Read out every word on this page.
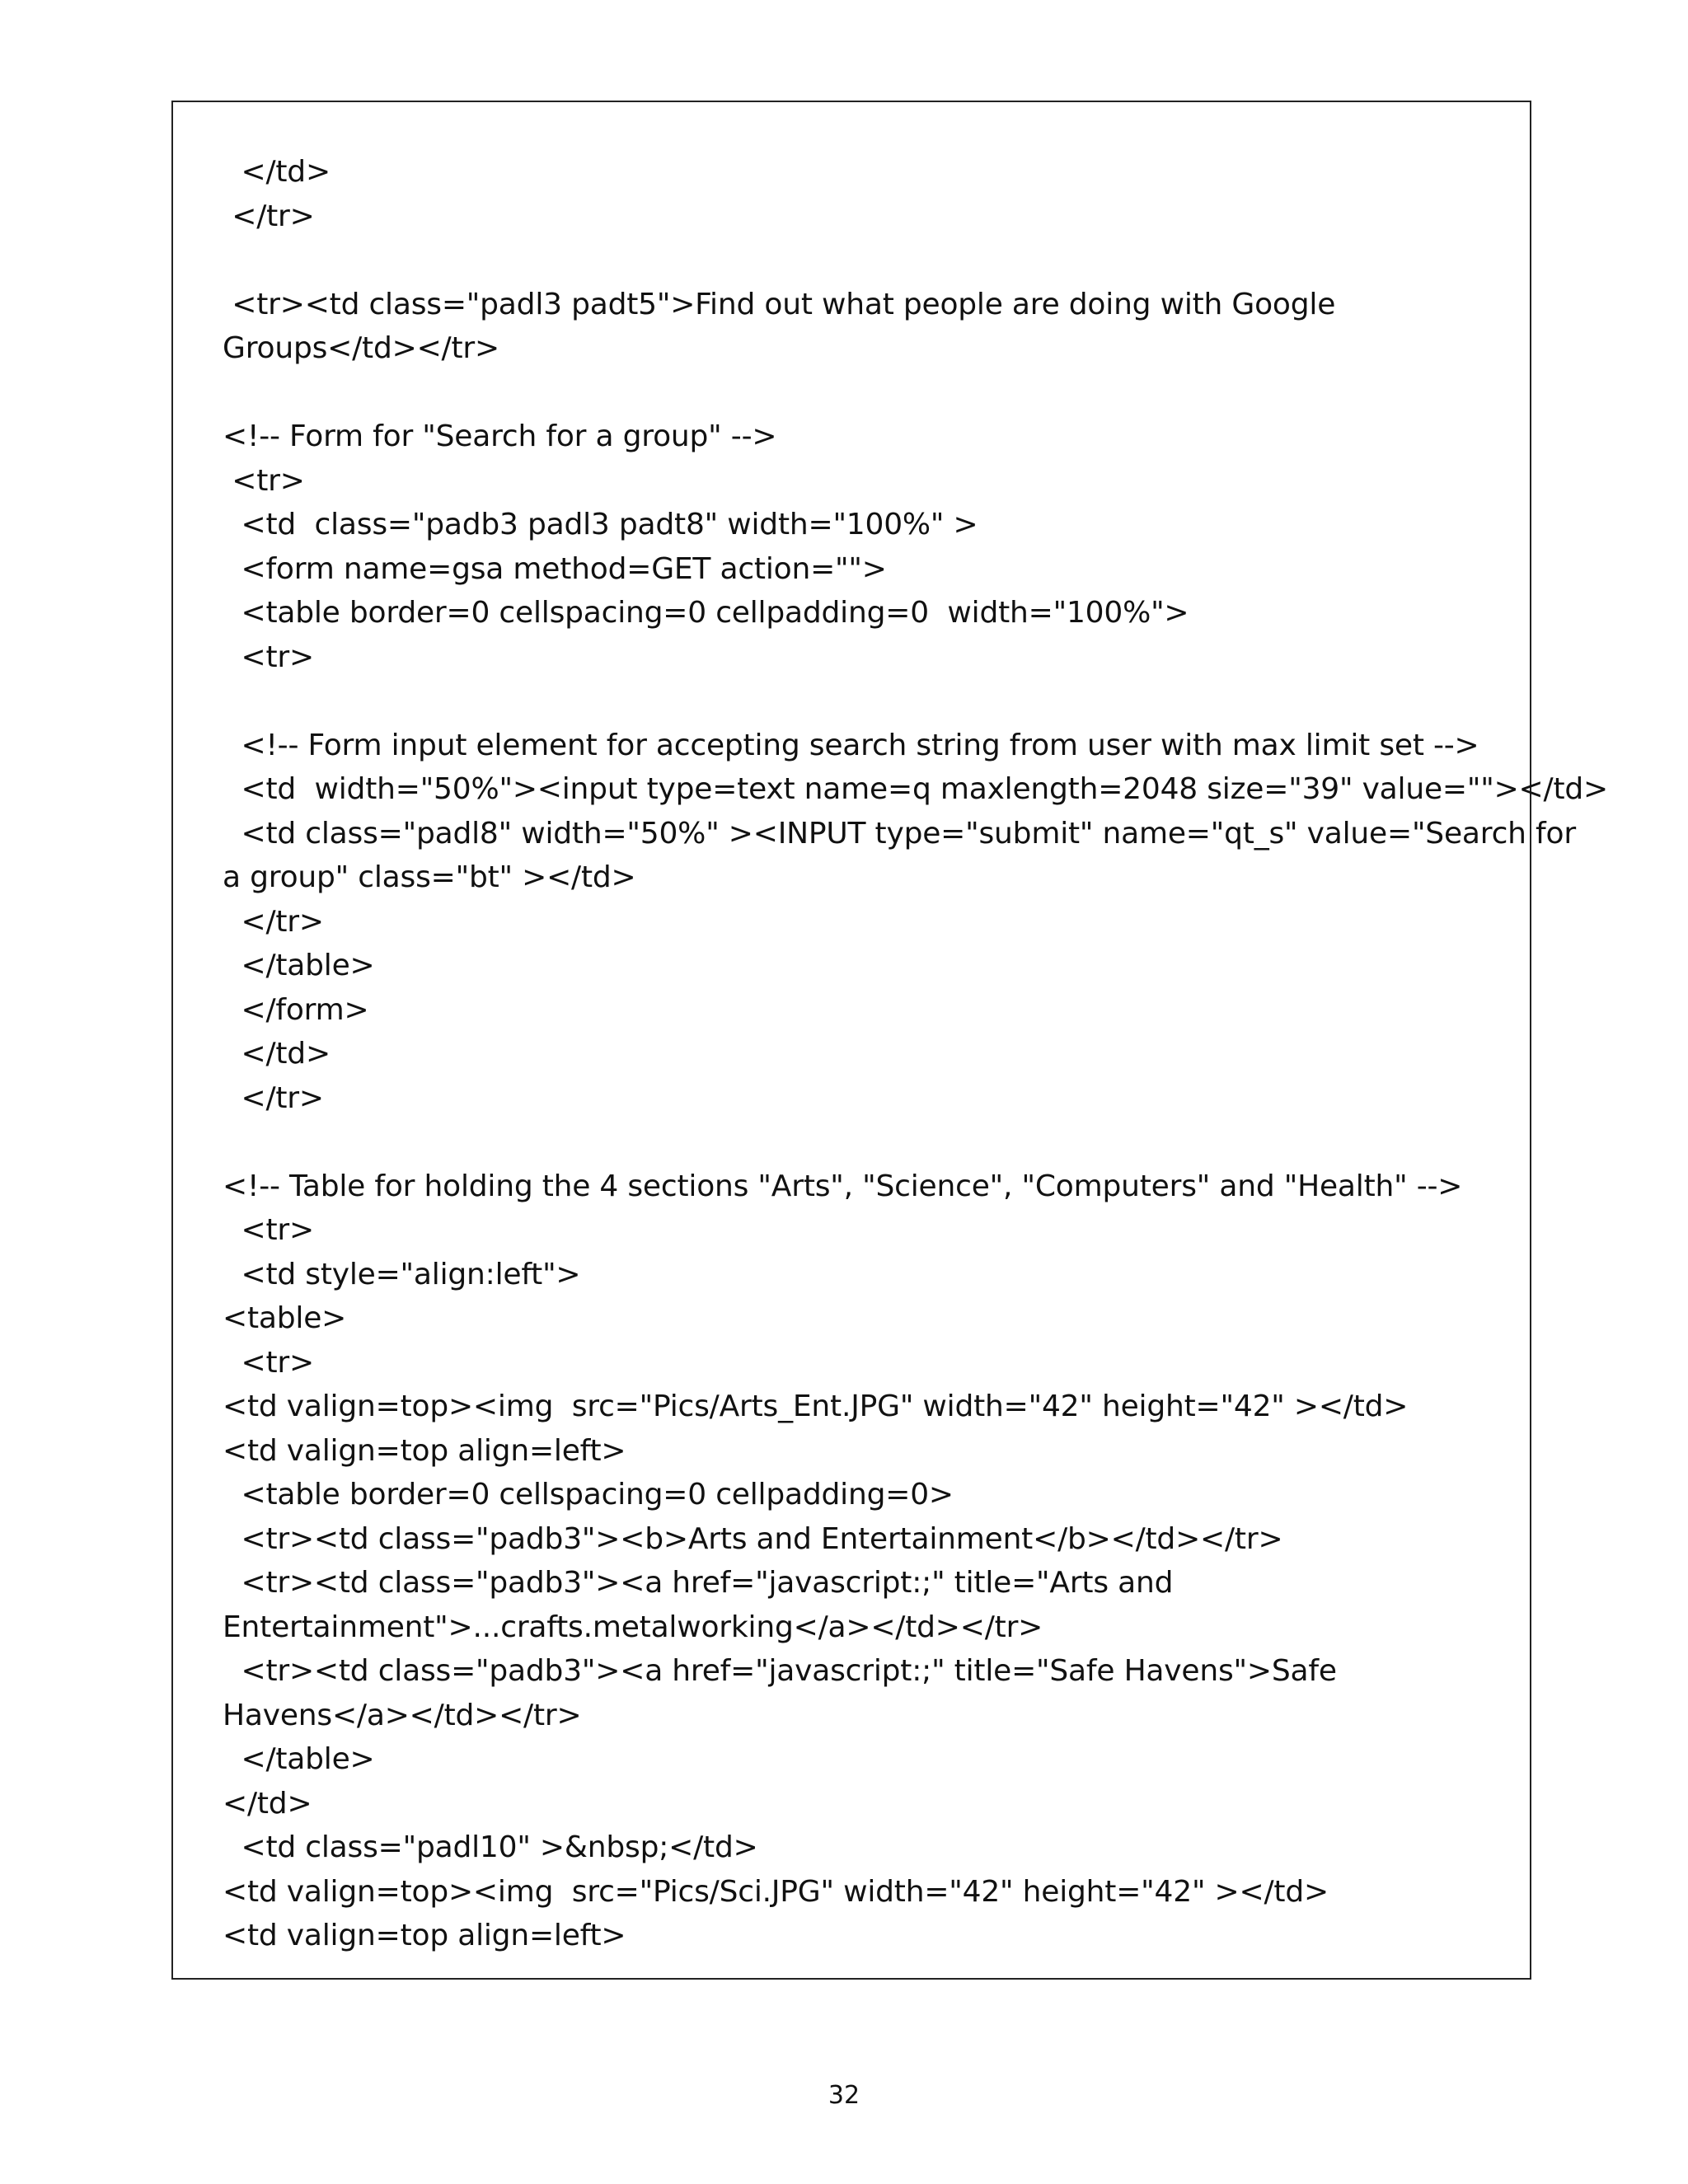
</td>
</tr>
<tr><td class="padl3 padt5">Find out what people are doing with Google
Groups</td></tr>
<!-- Form for "Search for a group" -->
<tr>
<td  class="padb3 padl3 padt8" width="100%" >
<form name=gsa method=GET action="">
<table border=0 cellspacing=0 cellpadding=0  width="100%">
<tr>
<!-- Form input element for accepting search string from user with max limit set -->
<td  width="50%"><input type=text name=q maxlength=2048 size="39" value=""></td>
<td class="padl8" width="50%" ><INPUT type="submit" name="qt_s" value="Search for
a group" class="bt" ></td>
</tr>
</table>
</form>
</td>
</tr>
<!-- Table for holding the 4 sections "Arts", "Science", "Computers" and "Health" -->
<tr>
<td style="align:left">
<table>
<tr>
<td valign=top><img  src="Pics/Arts_Ent.JPG" width="42" height="42" ></td>
<td valign=top align=left>
<table border=0 cellspacing=0 cellpadding=0>
<tr><td class="padb3"><b>Arts and Entertainment</b></td></tr>
<tr><td class="padb3"><a href="javascript:;" title="Arts and
Entertainment">...crafts.metalworking</a></td></tr>
<tr><td class="padb3"><a href="javascript:;" title="Safe Havens">Safe
Havens</a></td></tr>
</table>
</td>
<td class="padl10" >&nbsp;</td>
<td valign=top><img  src="Pics/Sci.JPG" width="42" height="42" ></td>
<td valign=top align=left>
32
